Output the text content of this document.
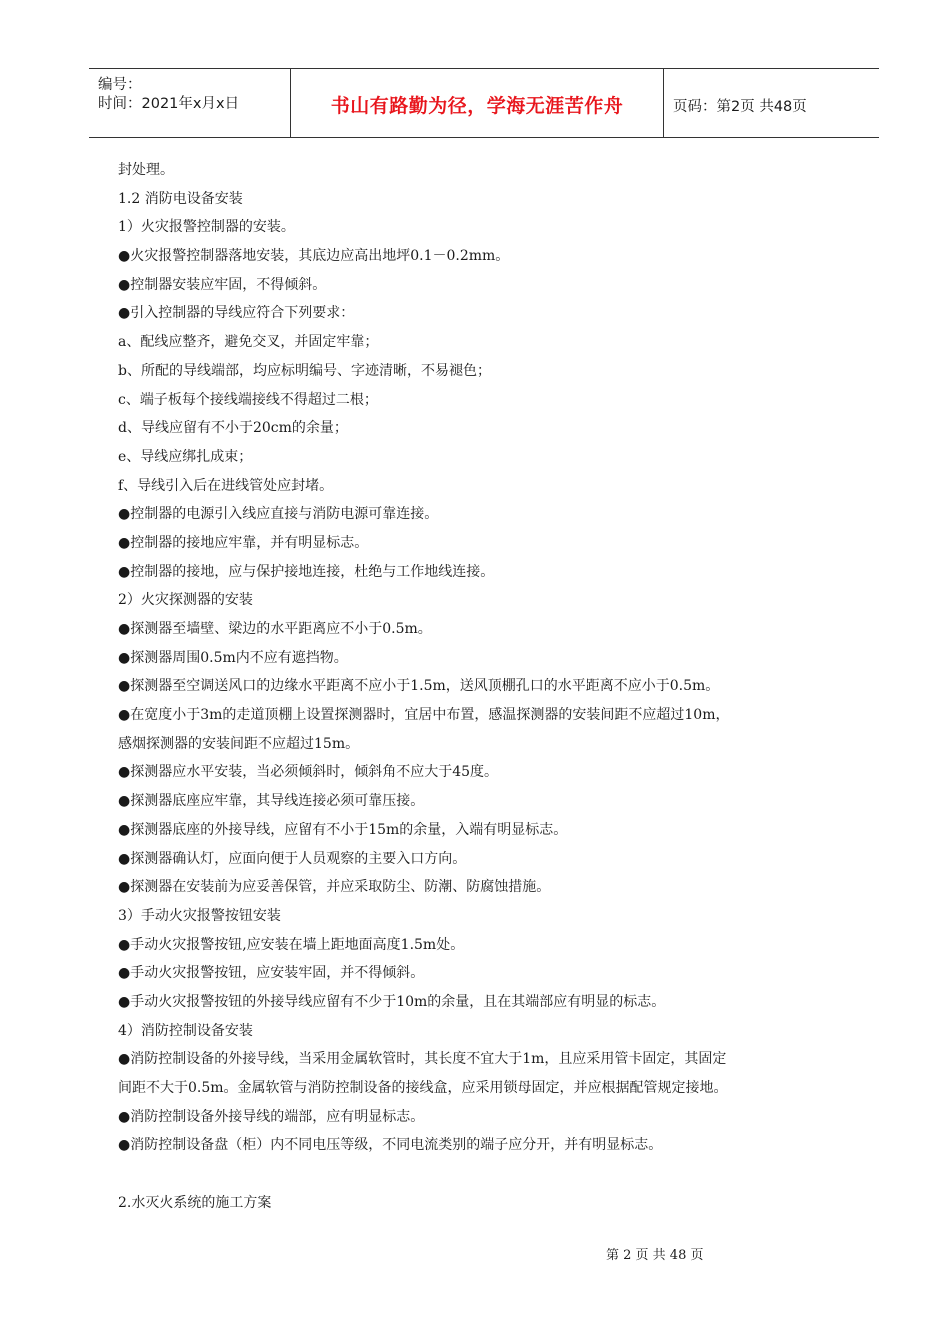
编号：
时间：2021年x月x日	书山有路勤为径，学海无涯苦作舟	页码：第2页 共48页
封处理。
1.2 消防电设备安装
1）火灾报警控制器的安装。
●火灾报警控制器落地安装，其底边应高出地坪0.1－0.2mm。
●控制器安装应牢固，不得倾斜。
●引入控制器的导线应符合下列要求：
a、配线应整齐，避免交叉，并固定牢靠；
b、所配的导线端部，均应标明编号、字迹清晰，不易褪色；
c、端子板每个接线端接线不得超过二根；
d、导线应留有不小于20cm的余量；
e、导线应绑扎成束；
f、导线引入后在进线管处应封堵。
●控制器的电源引入线应直接与消防电源可靠连接。
●控制器的接地应牢靠，并有明显标志。
●控制器的接地，应与保护接地连接，杜绝与工作地线连接。
2）火灾探测器的安装
●探测器至墙壁、梁边的水平距离应不小于0.5m。
●探测器周围0.5m内不应有遮挡物。
●探测器至空调送风口的边缘水平距离不应小于1.5m，送风顶棚孔口的水平距离不应小于0.5m。
●在宽度小于3m的走道顶棚上设置探测器时，宜居中布置，感温探测器的安装间距不应超过10m，
感烟探测器的安装间距不应超过15m。
●探测器应水平安装，当必须倾斜时，倾斜角不应大于45度。
●探测器底座应牢靠，其导线连接必须可靠压接。
●探测器底座的外接导线，应留有不小于15m的余量，入端有明显标志。
●探测器确认灯，应面向便于人员观察的主要入口方向。
●探测器在安装前为应妥善保管，并应采取防尘、防潮、防腐蚀措施。
3）手动火灾报警按钮安装
●手动火灾报警按钮,应安装在墙上距地面高度1.5m处。
●手动火灾报警按钮，应安装牢固，并不得倾斜。
●手动火灾报警按钮的外接导线应留有不少于10m的余量，且在其端部应有明显的标志。
4）消防控制设备安装
●消防控制设备的外接导线，当采用金属软管时，其长度不宜大于1m，且应采用管卡固定，其固定
间距不大于0.5m。金属软管与消防控制设备的接线盒，应采用锁母固定，并应根据配管规定接地。
●消防控制设备外接导线的端部，应有明显标志。
●消防控制设备盘（柜）内不同电压等级，不同电流类别的端子应分开，并有明显标志。
2.水灭火系统的施工方案
第 2 页 共 48 页
